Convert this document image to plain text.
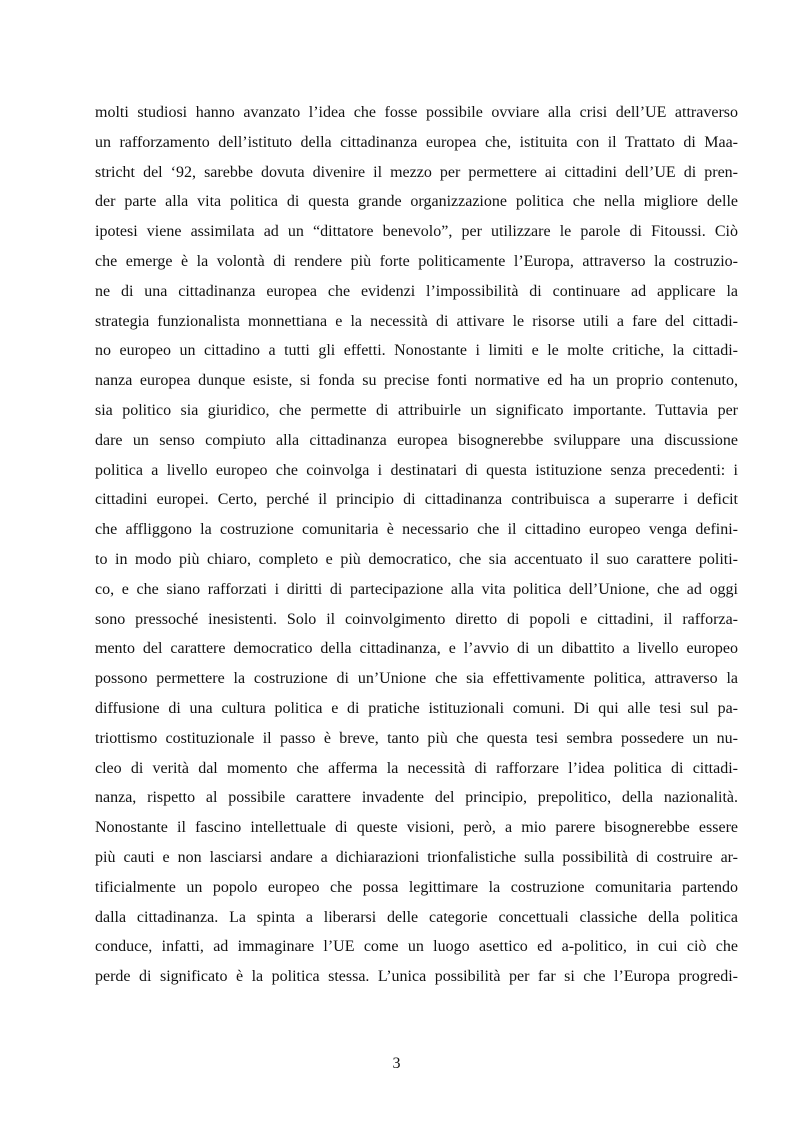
molti studiosi hanno avanzato l’idea che fosse possibile ovviare alla crisi dell’UE attraverso
un rafforzamento dell’istituto della cittadinanza europea che, istituita con il Trattato di Maa-
stricht del ‘92, sarebbe dovuta divenire il mezzo per permettere ai cittadini dell’UE di pren-
der parte alla vita politica di questa grande organizzazione politica che nella migliore delle
ipotesi viene assimilata ad un “dittatore benevolo”, per utilizzare le parole di Fitoussi. Ciò
che emerge è la volontà di rendere più forte politicamente l’Europa, attraverso la costruzio-
ne di una cittadinanza europea che evidenzi l’impossibilità di continuare ad applicare la
strategia funzionalista monnettiana e la necessità di attivare le risorse utili a fare del cittadi-
no europeo un cittadino a tutti gli effetti. Nonostante i limiti e le molte critiche, la cittadi-
nanza europea dunque esiste, si fonda su precise fonti normative ed ha un proprio contenuto,
sia politico sia giuridico, che permette di attribuirle un significato importante. Tuttavia per
dare un senso compiuto alla cittadinanza europea bisognerebbe sviluppare una discussione
politica a livello europeo che coinvolga i destinatari di questa istituzione senza precedenti: i
cittadini europei. Certo, perché il principio di cittadinanza contribuisca a superarre i deficit
che affliggono la costruzione comunitaria è necessario che il cittadino europeo venga defini-
to in modo più chiaro, completo e più democratico, che sia accentuato il suo carattere politi-
co, e che siano rafforzati i diritti di partecipazione alla vita politica dell’Unione, che ad oggi
sono pressoché inesistenti. Solo il coinvolgimento diretto di popoli e cittadini, il rafforza-
mento del carattere democratico della cittadinanza, e l’avvio di un dibattito a livello europeo
possono permettere la costruzione di un’Unione che sia effettivamente politica, attraverso la
diffusione di una cultura politica e di pratiche istituzionali comuni. Di qui alle tesi sul pa-
triottismo costituzionale il passo è breve, tanto più che questa tesi sembra possedere un nu-
cleo di verità dal momento che afferma la necessità di rafforzare l’idea politica di cittadi-
nanza, rispetto al possibile carattere invadente del principio, prepolitico, della nazionalità.
Nonostante il fascino intellettuale di queste visioni, però, a mio parere bisognerebbe essere
più cauti e non lasciarsi andare a dichiarazioni trionfalistiche sulla possibilità di costruire ar-
tificialmente un popolo europeo che possa legittimare la costruzione comunitaria partendo
dalla cittadinanza. La spinta a liberarsi delle categorie concettuali classiche della politica
conduce, infatti, ad immaginare l’UE come un luogo asettico ed a-politico, in cui ciò che
perde di significato è la politica stessa. L’unica possibilità per far si che l’Europa progredi-
3
